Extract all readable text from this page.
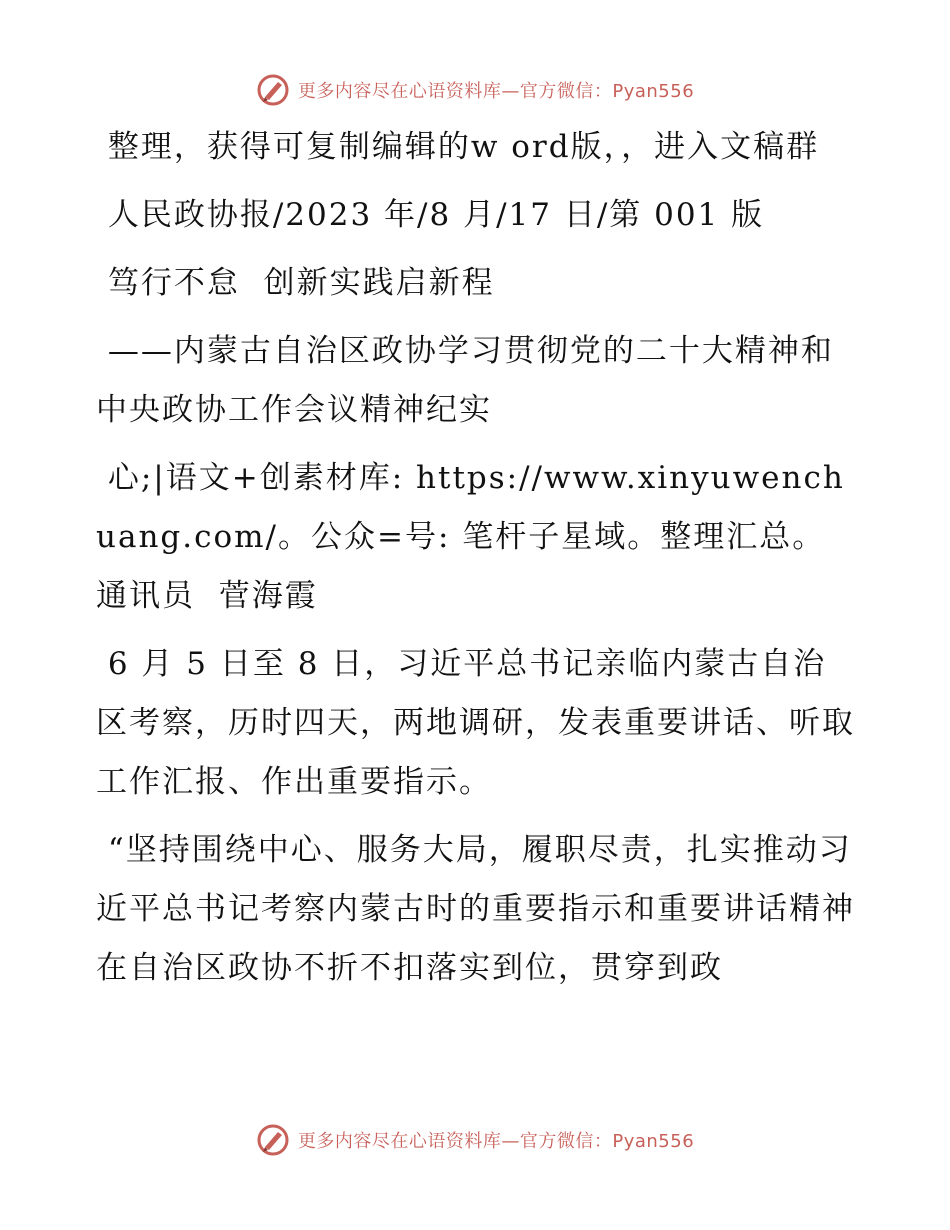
更多内容尽在心语资料库—官方微信：Pyan556

整理，获得可复制编辑的w ord版，，进入文稿群

人民政协报/2023 年/8 月/17 日/第 001 版

笃行不怠  创新实践启新程

——内蒙古自治区政协学习贯彻党的二十大精神和中央政协工作会议精神纪实

心;|语文+创素材库: https://www.xinyuwenchuang.com/。公众=号: 笔杆子星域。整理汇总。通讯员  菅海霞

6 月 5 日至 8 日，习近平总书记亲临内蒙古自治区考察，历时四天，两地调研，发表重要讲话、听取工作汇报、作出重要指示。

“坚持围绕中心、服务大局，履职尽责，扎实推动习近平总书记考察内蒙古时的重要指示和重要讲话精神在自治区政协不折不扣落实到位，贯穿到政

更多内容尽在心语资料库—官方微信：Pyan556
